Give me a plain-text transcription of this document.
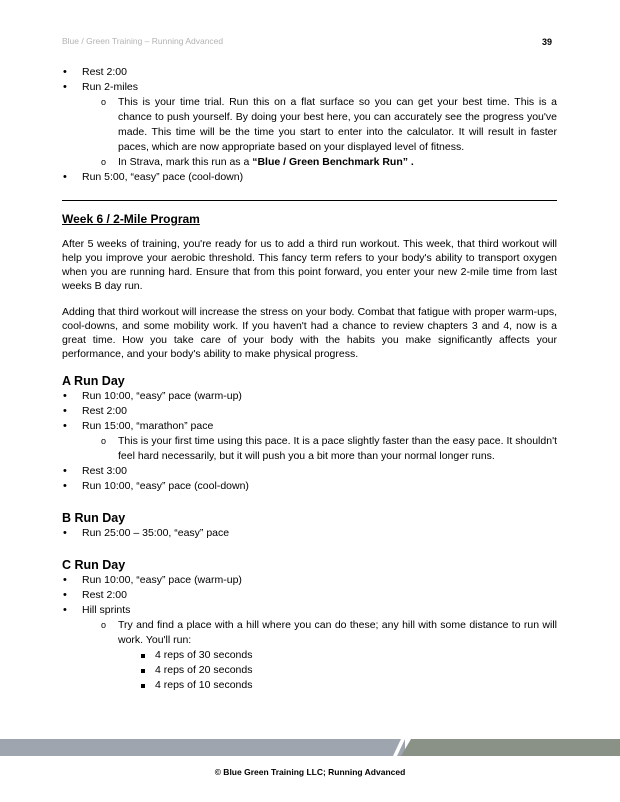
Blue / Green Training – Running Advanced	39
• Rest 2:00
• Run 2-miles
o This is your time trial. Run this on a flat surface so you can get your best time. This is a chance to push yourself. By doing your best here, you can accurately see the progress you've made. This time will be the time you start to enter into the calculator. It will result in faster paces, which are now appropriate based on your displayed level of fitness.
o In Strava, mark this run as a “Blue / Green Benchmark Run” .
• Run 5:00, “easy” pace (cool-down)
Week 6 / 2-Mile Program

After 5 weeks of training, you're ready for us to add a third run workout. This week, that third workout will help you improve your aerobic threshold. This fancy term refers to your body's ability to transport oxygen when you are running hard. Ensure that from this point forward, you enter your new 2-mile time from last weeks B day run.

Adding that third workout will increase the stress on your body. Combat that fatigue with proper warm-ups, cool-downs, and some mobility work. If you haven't had a chance to review chapters 3 and 4, now is a great time. How you take care of your body with the habits you make significantly affects your performance, and your body's ability to make physical progress.

A Run Day
• Run 10:00, “easy” pace (warm-up)
• Rest 2:00
• Run 15:00, “marathon” pace
o This is your first time using this pace. It is a pace slightly faster than the easy pace. It shouldn't feel hard necessarily, but it will push you a bit more than your normal longer runs.
• Rest 3:00
• Run 10:00, “easy” pace (cool-down)
B Run Day
• Run 25:00 – 35:00, “easy” pace
C Run Day
• Run 10:00, “easy” pace (warm-up)
• Rest 2:00
• Hill sprints
o Try and find a place with a hill where you can do these; any hill with some distance to run will work. You'll run:
4 reps of 30 seconds
4 reps of 20 seconds
4 reps of 10 seconds
© Blue Green Training LLC; Running Advanced
